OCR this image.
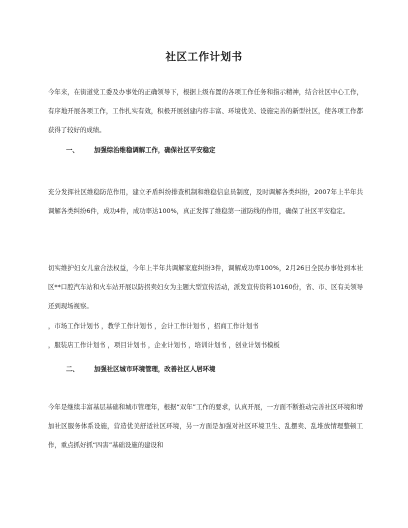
社区工作计划书
今年来，在街道党工委及办事处的正确领导下，根据上级布置的各项工作任务和指示精神，结合社区中心工作，有序地开展各项工作，工作扎实有效，积极开展创建内容丰富、环境优美、设施完善的新型社区，使各项工作都获得了较好的成绩。
一、 加强综治维稳调解工作，确保社区平安稳定
充分发挥社区维稳防范作用，建立矛盾纠纷排查机制和维稳信息员制度，及时调解各类纠纷，2007年上半年共调解各类纠纷6件，成功4件，成功率达100%，真正发挥了维稳第一道防线的作用，确保了社区平安稳定。
切实维护妇女儿童合法权益，今年上半年共调解家庭纠纷3件，调解成功率100%，2月26日全民办事处到本社区**口腔汽车站和火车站开展以防拐卖妇女为主题大型宣传活动，派发宣传资料10160份，省、市、区有关领导还到现场视察。
，市场工作计划书 ，教学工作计划书 ，会计工作计划书 ，招商工作计划书
，服装店工作计划书 ，项目计划书 ，企业计划书 ，培训计划书 ，创业计划书模板
二、 加强社区城市环境管理，改善社区人居环境
今年是继续丰富基层基础和城市管理年，根据“双年”工作的要求，认真开展，一方面不断推动完善社区环境和增加社区服务体系设施，营造优美舒适社区环境，另一方面是加强对社区环境卫生、乱摆卖、乱堆放情理整顿工作，重点抓好抓“四害”基础设施的建设和
